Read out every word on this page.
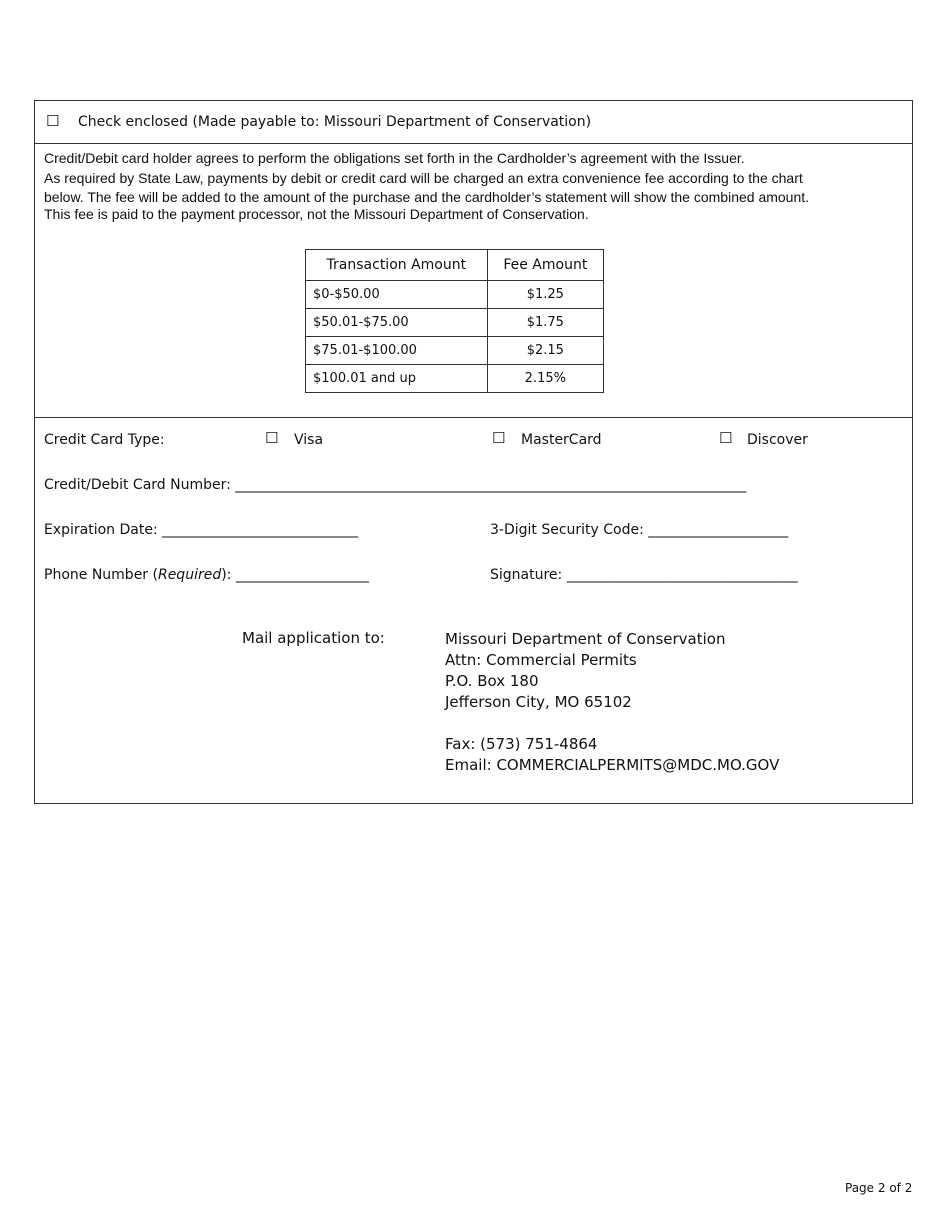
☐ Check enclosed (Made payable to: Missouri Department of Conservation)
Credit/Debit card holder agrees to perform the obligations set forth in the Cardholder’s agreement with the Issuer.
As required by State Law, payments by debit or credit card will be charged an extra convenience fee according to the chart
below. The fee will be added to the amount of the purchase and the cardholder’s statement will show the combined amount.
This fee is paid to the payment processor, not the Missouri Department of Conservation.
Transaction Amount	Fee Amount
$0-$50.00	$1.25
$50.01-$75.00	$1.75
$75.01-$100.00	$2.15
$100.01 and up	2.15%
Credit Card Type:	☐ Visa	☐ MasterCard	☐ Discover
Credit/Debit Card Number: _________________________________________________________________________
Expiration Date: ____________________________	3-Digit Security Code: ____________________
Phone Number (Required): ___________________	Signature: _________________________________
Mail application to:	Missouri Department of Conservation
Attn: Commercial Permits
P.O. Box 180
Jefferson City, MO 65102
Fax: (573) 751-4864
Email: COMMERCIALPERMITS@MDC.MO.GOV
Page 2 of 2
